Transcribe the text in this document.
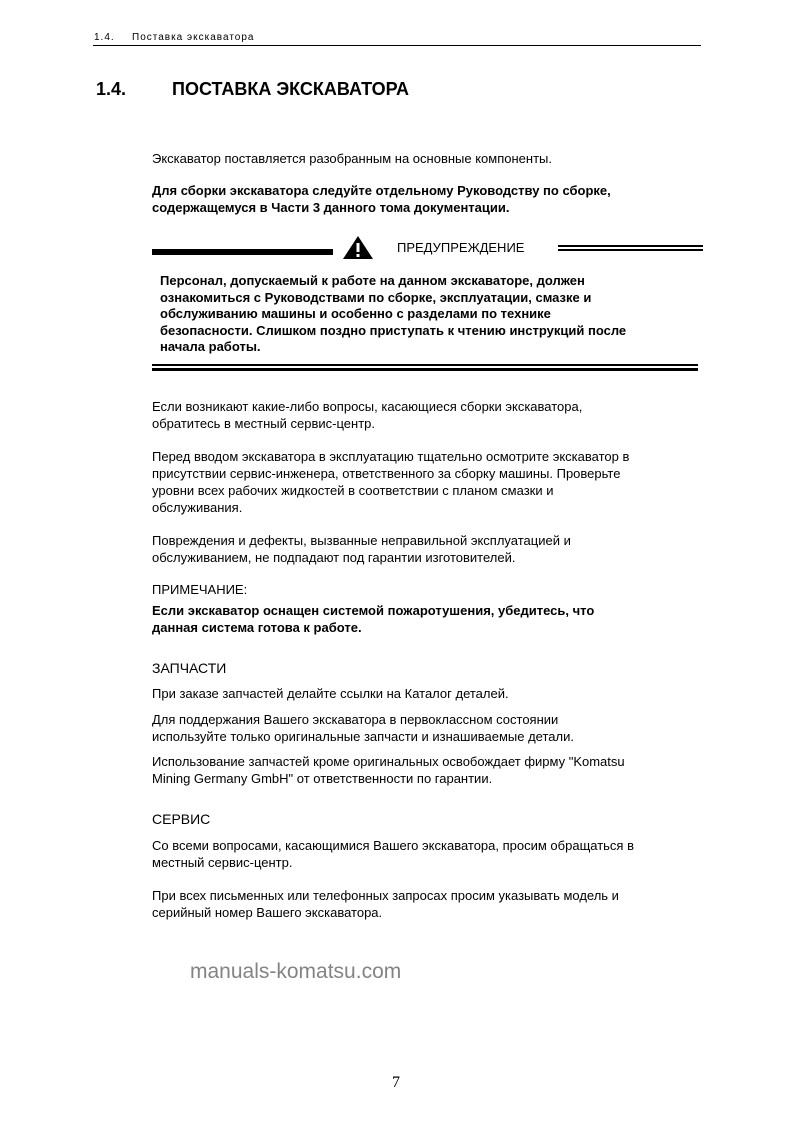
1.4. Поставка экскаватора
1.4.	ПОСТАВКА ЭКСКАВАТОРА
Экскаватор поставляется разобранным на основные компоненты.
Для сборки экскаватора следуйте отдельному Руководству по сборке,
содержащемуся в Части 3 данного тома документации.
ПРЕДУПРЕЖДЕНИЕ
Персонал, допускаемый к работе на данном экскаваторе, должен
ознакомиться с Руководствами по сборке, эксплуатации, смазке и
обслуживанию машины и особенно с разделами по технике
безопасности. Слишком поздно приступать к чтению инструкций после
начала работы.
Если возникают какие-либо вопросы, касающиеся сборки экскаватора,
обратитесь в местный сервис-центр.
Перед вводом экскаватора в эксплуатацию тщательно осмотрите экскаватор в
присутствии сервис-инженера, ответственного за сборку машины. Проверьте
уровни всех рабочих жидкостей в соответствии с планом смазки и
обслуживания.
Повреждения и дефекты, вызванные неправильной эксплуатацией и
обслуживанием, не подпадают под гарантии изготовителей.
ПРИМЕЧАНИЕ:
Если экскаватор оснащен системой пожаротушения, убедитесь, что
данная система готова к работе.
ЗАПЧАСТИ
При заказе запчастей делайте ссылки на Каталог деталей.
Для поддержания Вашего экскаватора в первоклассном состоянии
используйте только оригинальные запчасти и изнашиваемые детали.
Использование запчастей кроме оригинальных освобождает фирму "Komatsu
Mining Germany GmbH" от ответственности по гарантии.
СЕРВИС
Со всеми вопросами, касающимися Вашего экскаватора, просим обращаться в
местный сервис-центр.
При всех письменных или телефонных запросах просим указывать модель и
серийный номер Вашего экскаватора.
manuals-komatsu.com
7
